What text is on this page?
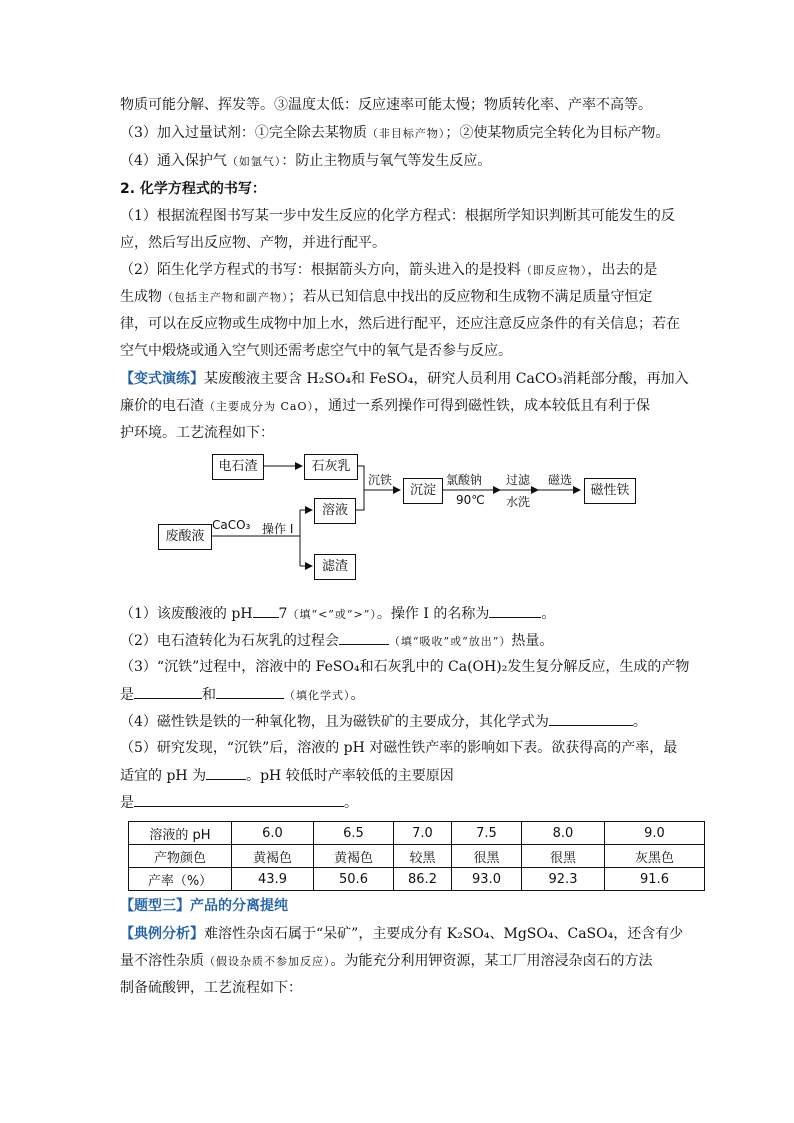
物质可能分解、挥发等。③温度太低：反应速率可能太慢；物质转化率、产率不高等。
（3）加入过量试剂：①完全除去某物质（非目标产物）；②使某物质完全转化为目标产物。
（4）通入保护气（如氩气）：防止主物质与氧气等发生反应。
2. 化学方程式的书写：
（1）根据流程图书写某一步中发生反应的化学方程式：根据所学知识判断其可能发生的反
应，然后写出反应物、产物，并进行配平。
（2）陌生化学方程式的书写：根据箭头方向，箭头进入的是投料（即反应物），出去的是
生成物（包括主产物和副产物）；若从已知信息中找出的反应物和生成物不满足质量守恒定
律，可以在反应物或生成物中加上水，然后进行配平，还应注意反应条件的有关信息；若在
空气中煅烧或通入空气则还需考虑空气中的氧气是否参与反应。
【变式演练】某废酸液主要含 H₂SO₄和 FeSO₄，研究人员利用 CaCO₃消耗部分酸，再加入
廉价的电石渣（主要成分为 CaO），通过一系列操作可得到磁性铁，成本较低且有利于保
护环境。工艺流程如下：
电石渣	石灰乳
沉淀	磁性铁
废酸液
溶液
滤渣
沉铁	氯酸钠
90℃
过滤
水洗
磁选
CaCO₃ 操作 I
（1）该废酸液的 pH 7（填“<”或“>”）。操作 I 的名称为	。
（2）电石渣转化为石灰乳的过程会	（填“吸收”或“放出”）热量。
（3）“沉铁”过程中，溶液中的 FeSO₄和石灰乳中的 Ca(OH)₂发生复分解反应，生成的产物
是	和	（填化学式）。
（4）磁性铁是铁的一种氧化物，且为磁铁矿的主要成分，其化学式为	。
（5）研究发现，“沉铁”后，溶液的 pH 对磁性铁产率的影响如下表。欲获得高的产率，最
适宜的 pH 为	。pH 较低时产率较低的主要原因
是	。
溶液的 pH	6.0	6.5	7.0	7.5	8.0	9.0
产物颜色	黄褐色	黄褐色	较黑	很黑	很黑	灰黑色
产率（%）	43.9	50.6	86.2	93.0	92.3	91.6
【题型三】产品的分离提纯
【典例分析】难溶性杂卤石属于“呆矿”，主要成分有 K₂SO₄、MgSO₄、CaSO₄，还含有少
量不溶性杂质（假设杂质不参加反应）。为能充分利用钾资源，某工厂用溶浸杂卤石的方法
制备硫酸钾，工艺流程如下：
